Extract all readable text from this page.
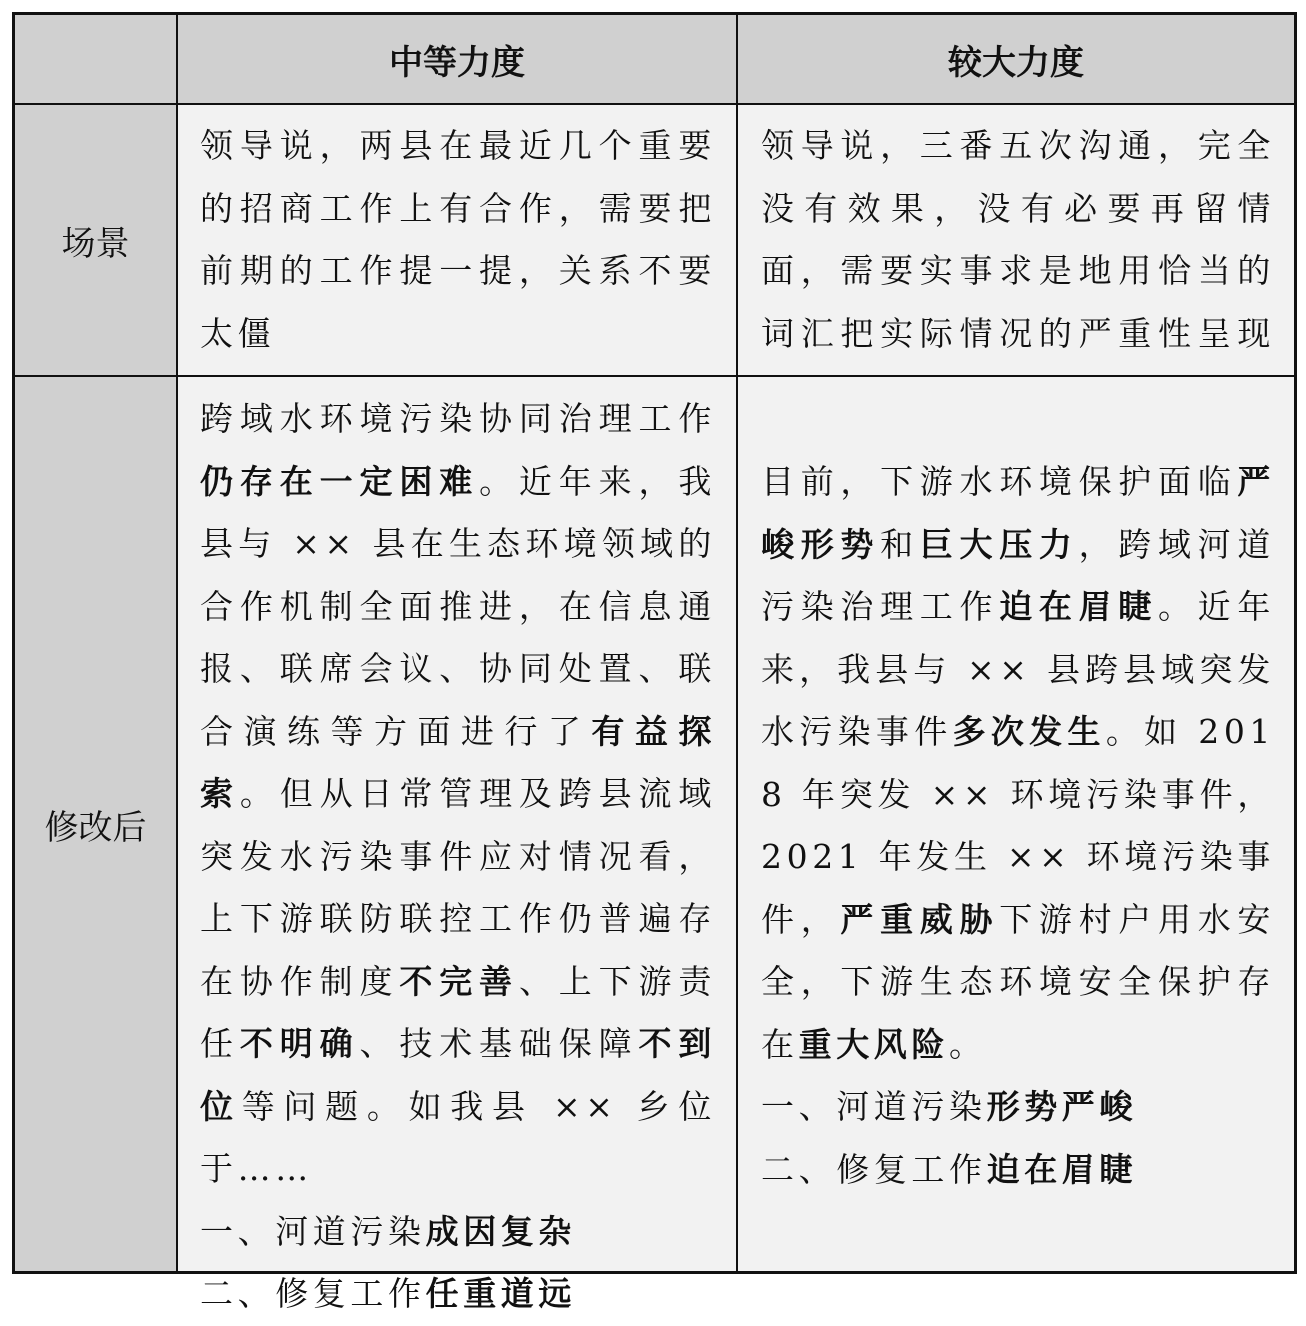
中等力度	较大力度
场景
领导说，两县在最近几个重要的招商工作上有合作，需要把前期的工作提一提，关系不要太僵
领导说，三番五次沟通，完全没有效果，没有必要再留情面，需要实事求是地用恰当的词汇把实际情况的严重性呈现
修改后
跨域水环境污染协同治理工作仍存在一定困难。近年来，我县与 ×× 县在生态环境领域的合作机制全面推进，在信息通报、联席会议、协同处置、联合演练等方面进行了有益探索。但从日常管理及跨县流域突发水污染事件应对情况看，上下游联防联控工作仍普遍存在协作制度不完善、上下游责任不明确、技术基础保障不到位等问题。如我县 ×× 乡位于……
一、河道污染成因复杂
二、修复工作任重道远
目前，下游水环境保护面临严峻形势和巨大压力，跨域河道污染治理工作迫在眉睫。近年来，我县与 ×× 县跨县域突发水污染事件多次发生。如 2018 年突发 ×× 环境污染事件，2021 年发生 ×× 环境污染事件，严重威胁下游村户用水安全，下游生态环境安全保护存在重大风险。
一、河道污染形势严峻
二、修复工作迫在眉睫
